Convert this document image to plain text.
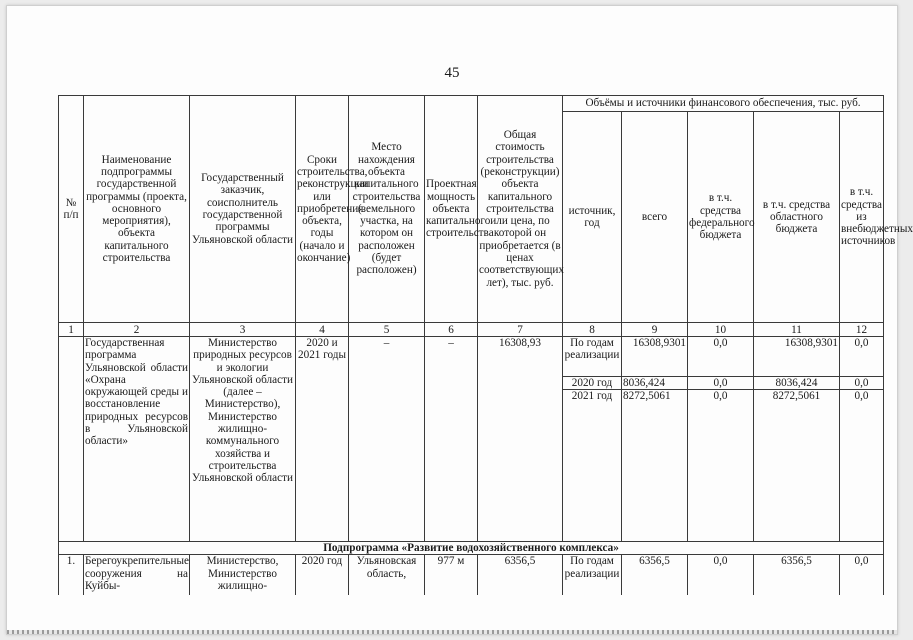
45
№ п/п	Наименование подпрограммы государственной программы (проекта, основного мероприятия), объекта капитального строительства	Государственный заказчик, соисполнитель государственной программы Ульяновской области	Сроки строительства, реконструкции или приобретения объекта, годы (начало и окончание)	Место нахождения объекта капитального строительства (земельного участка, на котором он расположен (будет расположен)	Проектная мощность объекта капитального строительства	Общая стоимость строительства (реконструкции) объекта капитального строительства или цена, по которой он приобретается (в ценах соответствующих лет), тыс. руб.	Объёмы и источники финансового обеспечения, тыс. руб.				
							источник, год	всего	в т.ч. средства федерального бюджета	в т.ч. средства областного бюджета	в т.ч. средства из внебюджетных источников
1	2	3	4	5	6	7	8	9	10	11	12
	Государственная программа Ульяновской области «Охрана окружающей среды и восстановление природных ресурсов в Ульяновской области»	Министерство природных ресурсов и экологии Ульяновской области (далее – Министерство), Министерство жилищно-коммунального хозяйства и строительства Ульяновской области	2020 и 2021 годы	–	–	16308,93	По годам реализации	16308,9301	0,0	16308,9301	0,0
							2020 год	8036,424	0,0	8036,424	0,0
							2021 год	8272,5061	0,0	8272,5061	0,0
Подпрограмма «Развитие водохозяйственного комплекса»											
1.	Берегоукрепительные сооружения на Куйбы-	Министерство, Министерство жилищно-	2020 год	Ульяновская область,	977 м	6356,5	По годам реализации	6356,5	0,0	6356,5	0,0
